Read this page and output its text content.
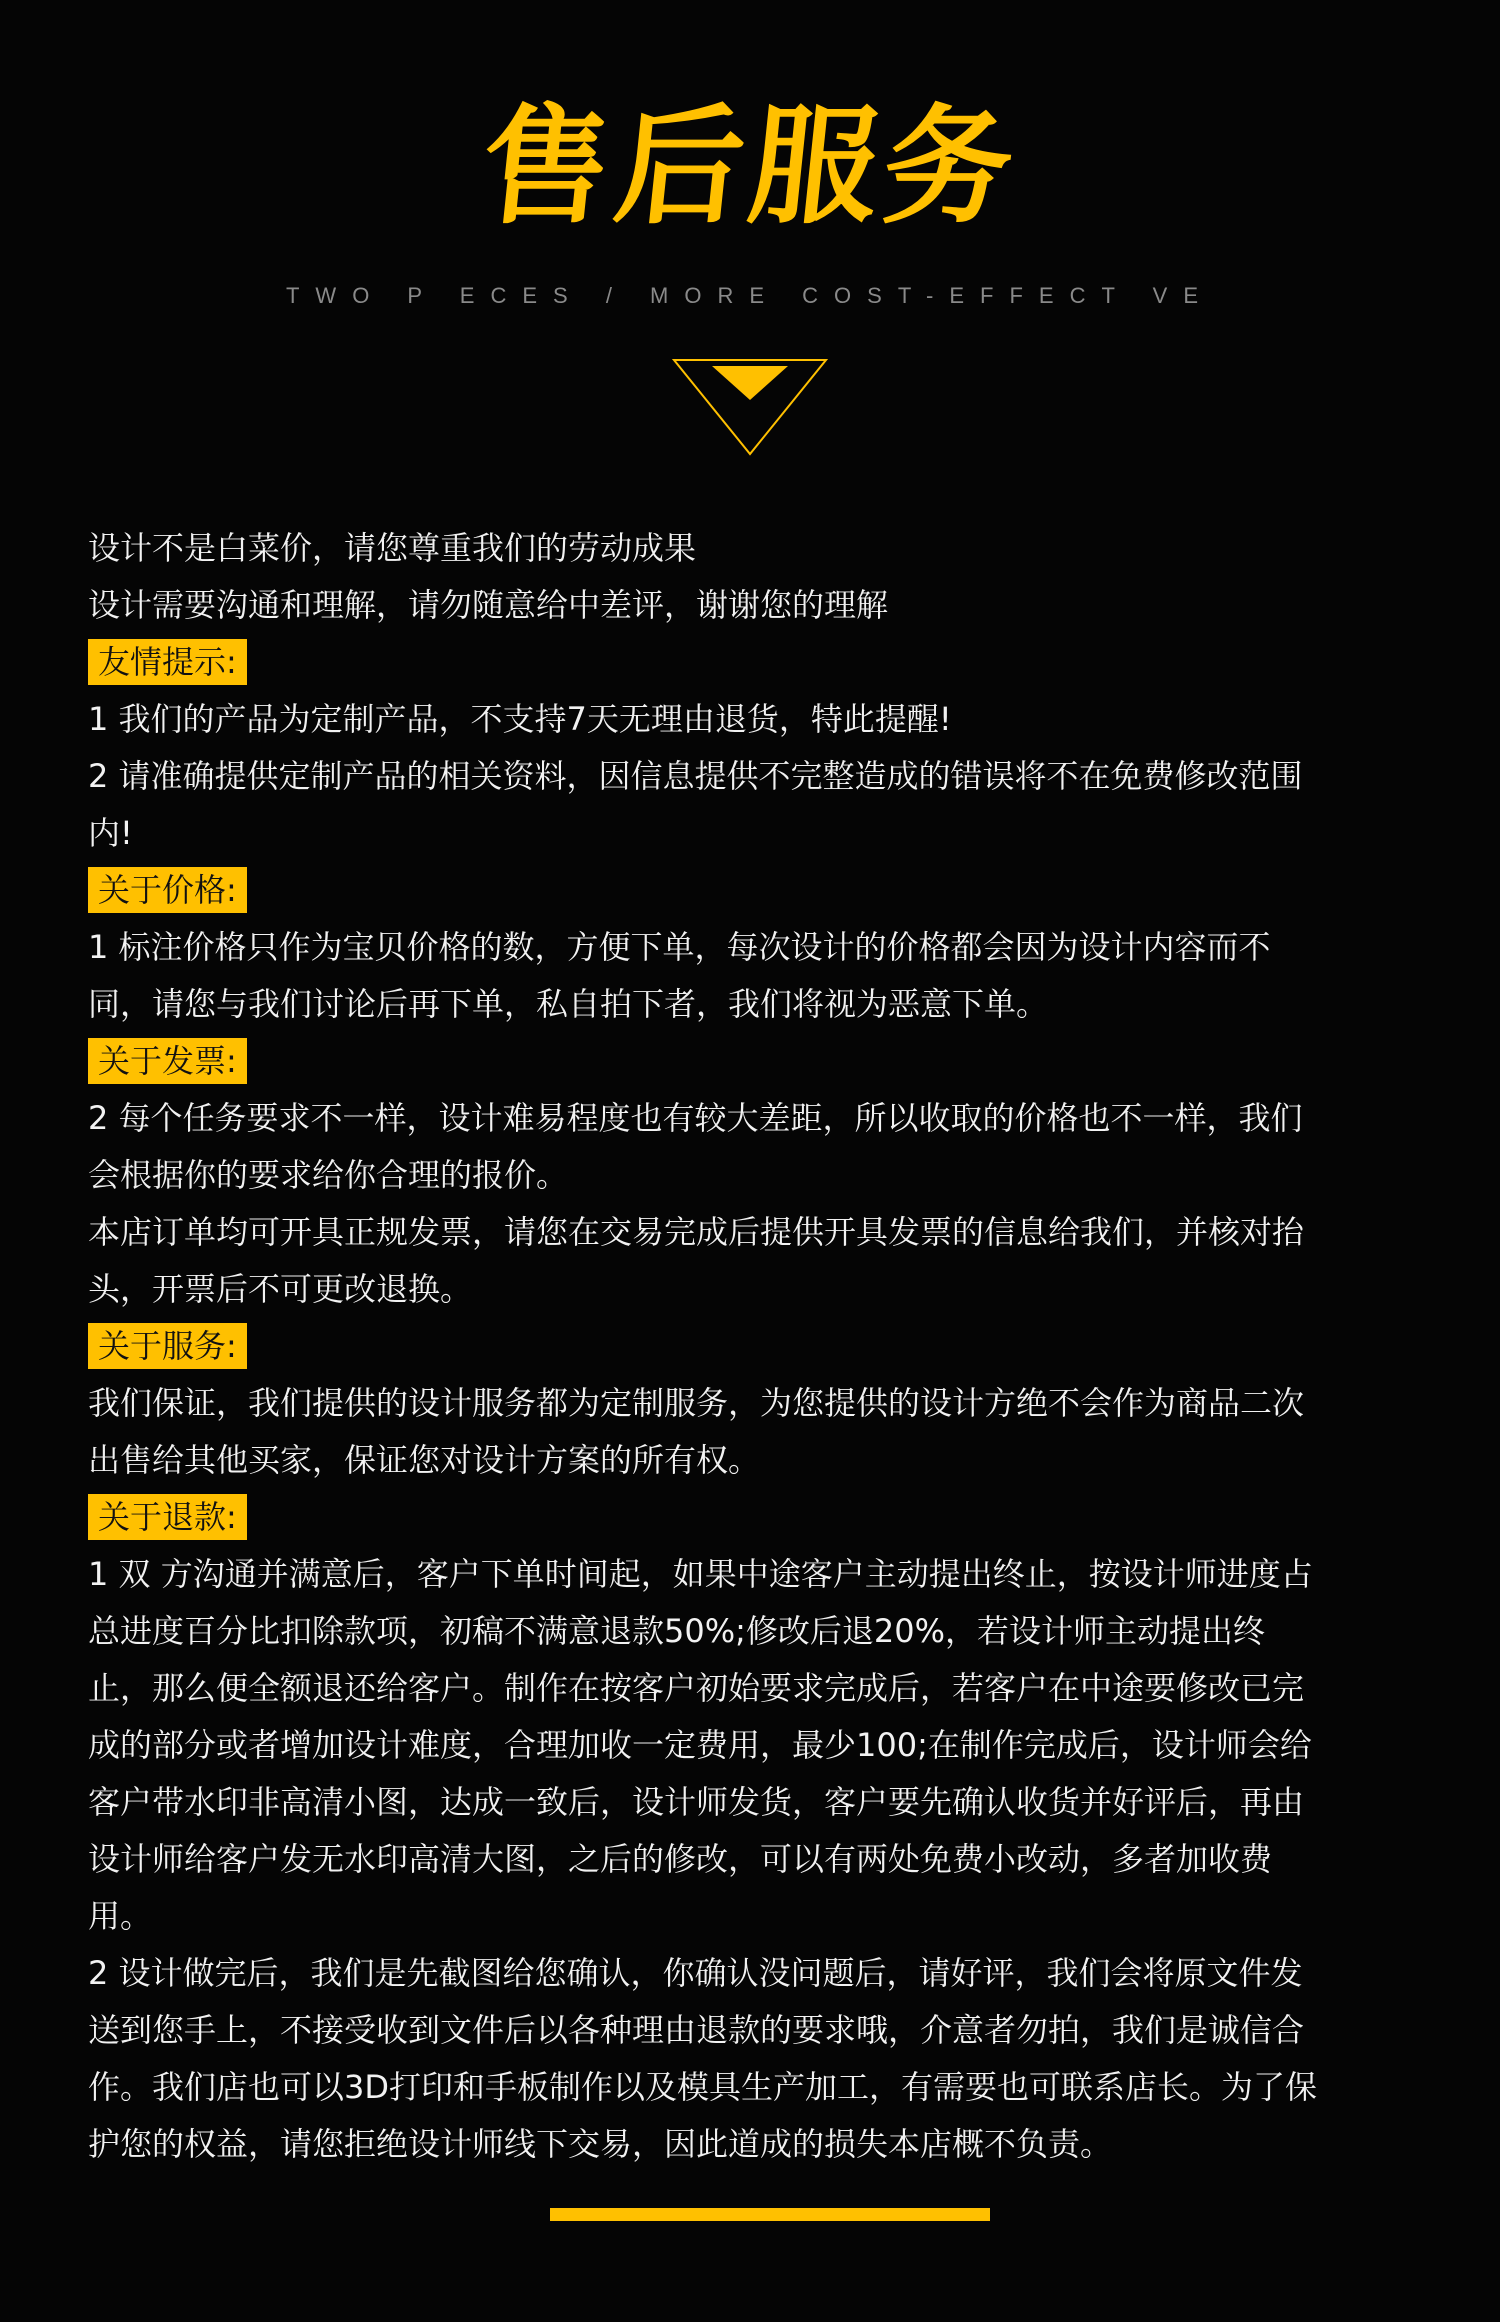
售后服务
TWO P ECES / MORE COST-EFFECT VE
设计不是白菜价，请您尊重我们的劳动成果
设计需要沟通和理解，请勿随意给中差评，谢谢您的理解
友情提示:
1 我们的产品为定制产品，不支持7天无理由退货，特此提醒!
2 请准确提供定制产品的相关资料，因信息提供不完整造成的错误将不在免费修改范围
内!
关于价格:
1 标注价格只作为宝贝价格的数，方便下单，每次设计的价格都会因为设计内容而不
同，请您与我们讨论后再下单，私自拍下者，我们将视为恶意下单。
关于发票:
2 每个任务要求不一样，设计难易程度也有较大差距，所以收取的价格也不一样，我们
会根据你的要求给你合理的报价。
本店订单均可开具正规发票，请您在交易完成后提供开具发票的信息给我们，并核对抬
头，开票后不可更改退换。
关于服务:
我们保证，我们提供的设计服务都为定制服务，为您提供的设计方绝不会作为商品二次
出售给其他买家，保证您对设计方案的所有权。
关于退款:
1 双 方沟通并满意后，客户下单时间起，如果中途客户主动提出终止，按设计师进度占
总进度百分比扣除款项，初稿不满意退款50%;修改后退20%，若设计师主动提出终
止，那么便全额退还给客户。制作在按客户初始要求完成后，若客户在中途要修改已完
成的部分或者增加设计难度，合理加收一定费用，最少100;在制作完成后，设计师会给
客户带水印非高清小图，达成一致后，设计师发货，客户要先确认收货并好评后，再由
设计师给客户发无水印高清大图，之后的修改，可以有两处免费小改动，多者加收费
用。
2 设计做完后，我们是先截图给您确认，你确认没问题后，请好评，我们会将原文件发
送到您手上，不接受收到文件后以各种理由退款的要求哦，介意者勿拍，我们是诚信合
作。我们店也可以3D打印和手板制作以及模具生产加工，有需要也可联系店长。为了保
护您的权益，请您拒绝设计师线下交易，因此道成的损失本店概不负责。
